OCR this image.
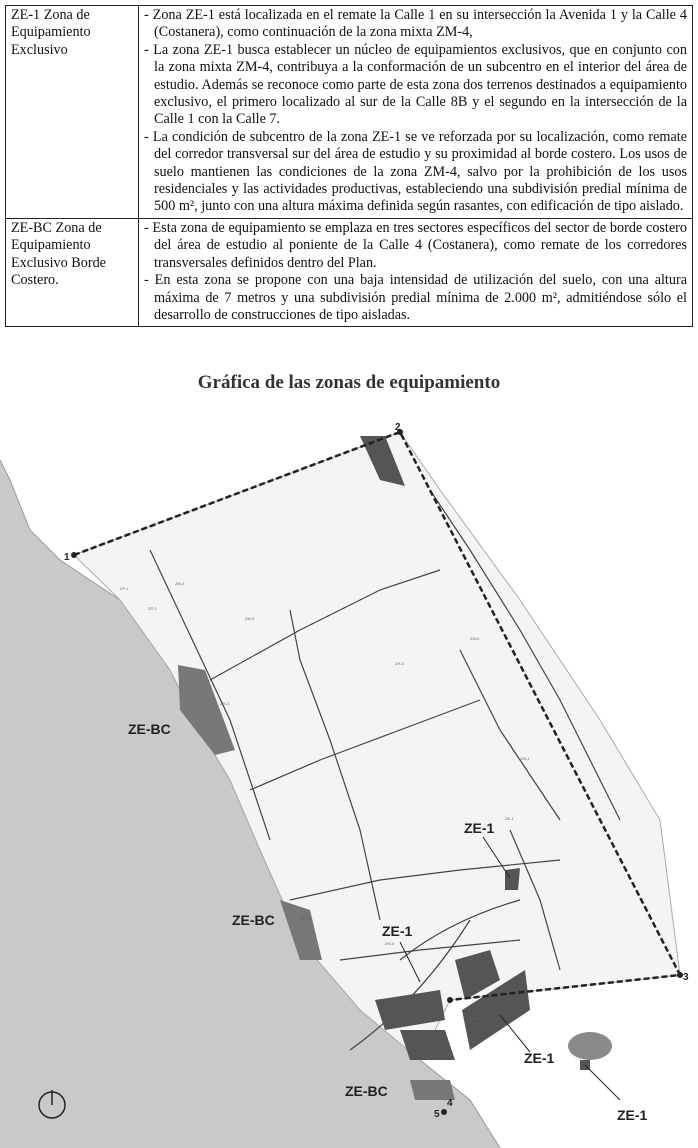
ZE-1 Zona de Equipamiento Exclusivo	- Zona ZE-1 está localizada en el remate la Calle 1 en su intersección la Avenida 1 y la Calle 4 (Costanera), como continuación de la zona mixta ZM-4,
- La zona ZE-1 busca establecer un núcleo de equipamientos exclusivos, que en conjunto con la zona mixta ZM-4, contribuya a la conformación de un subcentro en el interior del área de estudio. Además se reconoce como parte de esta zona dos terrenos destinados a equipamiento exclusivo, el primero localizado al sur de la Calle 8B y el segundo en la intersección de la Calle 1 con la Calle 7.
- La condición de subcentro de la zona ZE-1 se ve reforzada por su localización, como remate del corredor transversal sur del área de estudio y su proximidad al borde costero. Los usos de suelo mantienen las condiciones de la zona ZM-4, salvo por la prohibición de los usos residenciales y las actividades productivas, estableciendo una subdivisión predial mínima de 500 m², junto con una altura máxima definida según rasantes, con edificación de tipo aislado.

ZE-BC Zona de Equipamiento Exclusivo Borde Costero.	- Esta zona de equipamiento se emplaza en tres sectores específicos del sector de borde costero del área de estudio al poniente de la Calle 4 (Costanera), como remate de los corredores transversales definidos dentro del Plan.
- En esta zona se propone con una baja intensidad de utilización del suelo, con una altura máxima de 7 metros y una subdivisión predial mínima de 2.000 m², admitiéndose sólo el desarrollo de construcciones de tipo aisladas.
Gráfica de las zonas de equipamiento
1
2
3
4
5
ZP-1
ZP-2
ZM-3
ZM-5
ZH-4
ZM-6
ZM-4
ZE-1
ZE-BC
ZH-5
ZH-3
ZM-3
ZE-BC
ZE-BC
ZE-BC
ZE-1
ZE-1
ZE-1
ZE-1
